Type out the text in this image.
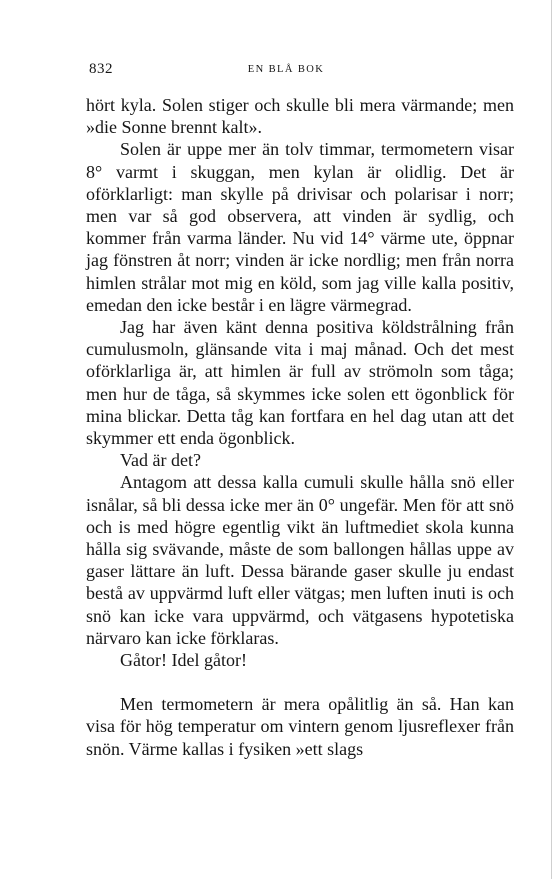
832	EN BLÅ BOK

hört kyla. Solen stiger och skulle bli mera värmande; men »die Sonne brennt kalt».

Solen är uppe mer än tolv timmar, termometern visar 8° varmt i skuggan, men kylan är olidlig. Det är oförklarligt: man skylle på drivisar och polarisar i norr; men var så god observera, att vinden är sydlig, och kommer från varma länder. Nu vid 14° värme ute, öppnar jag fönstren åt norr; vinden är icke nordlig; men från norra himlen strålar mot mig en köld, som jag ville kalla positiv, emedan den icke består i en lägre värmegrad.

Jag har även känt denna positiva köldstrålning från cumulusmoln, glänsande vita i maj månad. Och det mest oförklarliga är, att himlen är full av strömoln som tåga; men hur de tåga, så skymmes icke solen ett ögonblick för mina blickar. Detta tåg kan fortfara en hel dag utan att det skymmer ett enda ögonblick.

Vad är det?

Antagom att dessa kalla cumuli skulle hålla snö eller isnålar, så bli dessa icke mer än 0° ungefär. Men för att snö och is med högre egentlig vikt än luftmediet skola kunna hålla sig svävande, måste de som ballongen hållas uppe av gaser lättare än luft. Dessa bärande gaser skulle ju endast bestå av uppvärmd luft eller vätgas; men luften inuti is och snö kan icke vara uppvärmd, och vätgasens hypotetiska närvaro kan icke förklaras.

Gåtor! Idel gåtor!

Men termometern är mera opålitlig än så. Han kan visa för hög temperatur om vintern genom ljusreflexer från snön. Värme kallas i fysiken »ett slags
